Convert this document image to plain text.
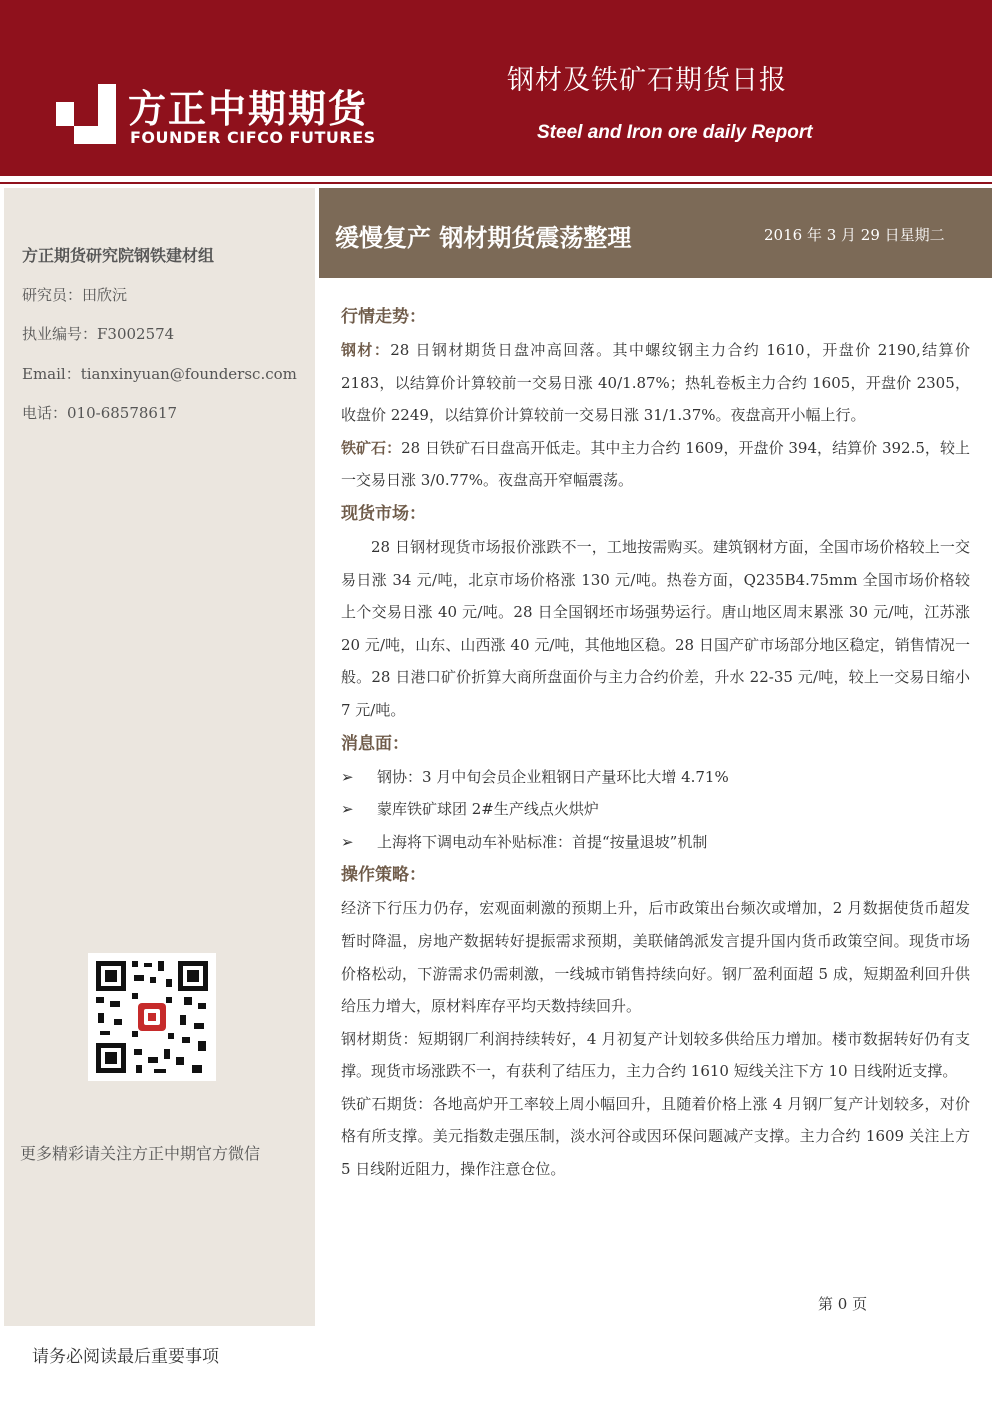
方正中期期货
FOUNDER CIFCO FUTURES
钢材及铁矿石期货日报
Steel and Iron ore daily Report
方正期货研究院钢铁建材组
研究员：田欣沅
执业编号：F3002574
Email：tianxinyuan@foundersc.com
电话：010-68578617
更多精彩请关注方正中期官方微信
缓慢复产 钢材期货震荡整理	2016 年 3 月 29 日星期二
行情走势：

钢材：28 日钢材期货日盘冲高回落。其中螺纹钢主力合约 1610，开盘价 2190,结算价 2183，以结算价计算较前一交易日涨 40/1.87%；热轧卷板主力合约 1605，开盘价 2305，收盘价 2249，以结算价计算较前一交易日涨 31/1.37%。夜盘高开小幅上行。

铁矿石：28 日铁矿石日盘高开低走。其中主力合约 1609，开盘价 394，结算价 392.5，较上一交易日涨 3/0.77%。夜盘高开窄幅震荡。

现货市场：

28 日钢材现货市场报价涨跌不一，工地按需购买。建筑钢材方面，全国市场价格较上一交易日涨 34 元/吨，北京市场价格涨 130 元/吨。热卷方面，Q235B4.75mm 全国市场价格较上个交易日涨 40 元/吨。28 日全国钢坯市场强势运行。唐山地区周末累涨 30 元/吨，江苏涨 20 元/吨，山东、山西涨 40 元/吨，其他地区稳。28 日国产矿市场部分地区稳定，销售情况一般。28 日港口矿价折算大商所盘面价与主力合约价差，升水 22-35 元/吨，较上一交易日缩小 7 元/吨。

消息面：
➢ 钢协：3 月中旬会员企业粗钢日产量环比大增 4.71%
➢ 蒙库铁矿球团 2#生产线点火烘炉
➢ 上海将下调电动车补贴标准：首提“按量退坡”机制
操作策略：

经济下行压力仍存，宏观面刺激的预期上升，后市政策出台频次或增加，2 月数据使货币超发暂时降温，房地产数据转好提振需求预期，美联储鸽派发言提升国内货币政策空间。现货市场价格松动，下游需求仍需刺激，一线城市销售持续向好。钢厂盈利面超 5 成，短期盈利回升供给压力增大，原材料库存平均天数持续回升。

钢材期货：短期钢厂利润持续转好，4 月初复产计划较多供给压力增加。楼市数据转好仍有支撑。现货市场涨跌不一，有获利了结压力，主力合约 1610 短线关注下方 10 日线附近支撑。

铁矿石期货：各地高炉开工率较上周小幅回升，且随着价格上涨 4 月钢厂复产计划较多，对价格有所支撑。美元指数走强压制，淡水河谷或因环保问题减产支撑。主力合约 1609 关注上方 5 日线附近阻力，操作注意仓位。

第 0 页
请务必阅读最后重要事项
